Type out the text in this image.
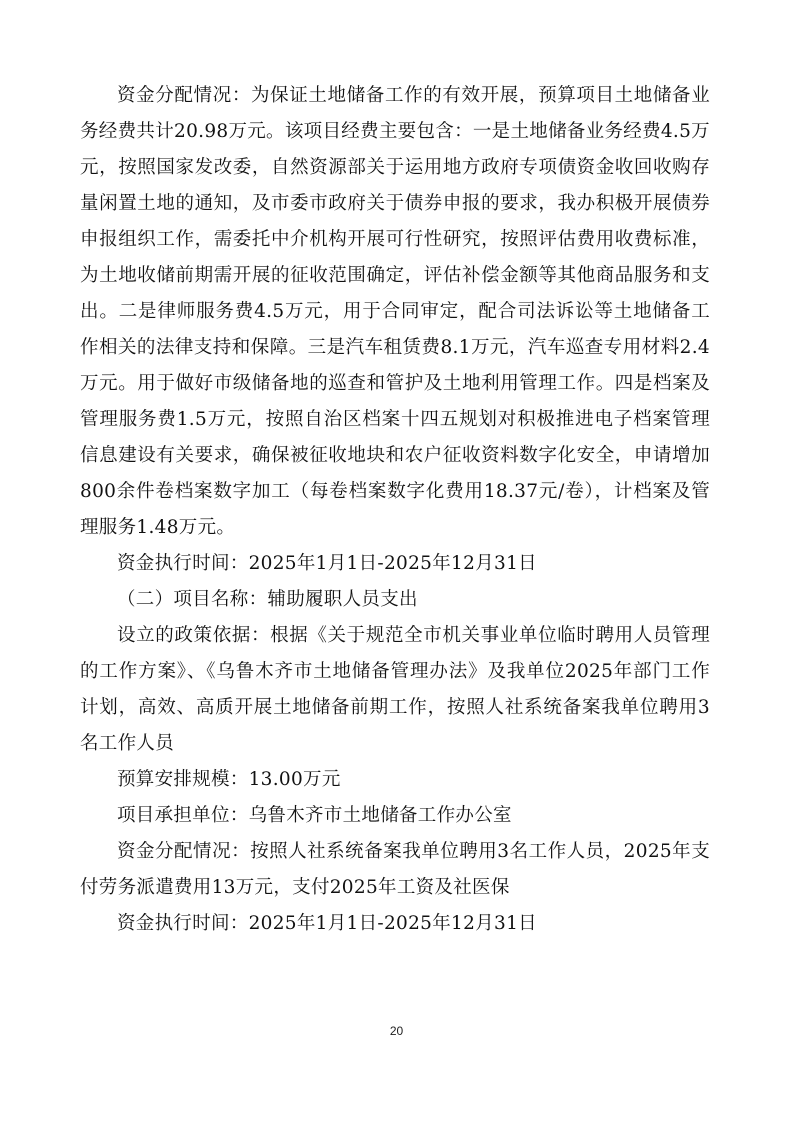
资金分配情况：为保证土地储备工作的有效开展，预算项目土地储备业务经费共计20.98万元。该项目经费主要包含：一是土地储备业务经费4.5万元，按照国家发改委，自然资源部关于运用地方政府专项债资金收回收购存量闲置土地的通知，及市委市政府关于债券申报的要求，我办积极开展债券申报组织工作，需委托中介机构开展可行性研究，按照评估费用收费标准，为土地收储前期需开展的征收范围确定，评估补偿金额等其他商品服务和支出。二是律师服务费4.5万元，用于合同审定，配合司法诉讼等土地储备工作相关的法律支持和保障。三是汽车租赁费8.1万元，汽车巡查专用材料2.4万元。用于做好市级储备地的巡查和管护及土地利用管理工作。四是档案及管理服务费1.5万元，按照自治区档案十四五规划对积极推进电子档案管理信息建设有关要求，确保被征收地块和农户征收资料数字化安全，申请增加800余件卷档案数字加工（每卷档案数字化费用18.37元/卷），计档案及管理服务1.48万元。

资金执行时间：2025年1月1日-2025年12月31日

（二）项目名称：辅助履职人员支出

设立的政策依据：根据《关于规范全市机关事业单位临时聘用人员管理的工作方案》、《乌鲁木齐市土地储备管理办法》及我单位2025年部门工作计划，高效、高质开展土地储备前期工作，按照人社系统备案我单位聘用3名工作人员

预算安排规模：13.00万元

项目承担单位：乌鲁木齐市土地储备工作办公室

资金分配情况：按照人社系统备案我单位聘用3名工作人员，2025年支付劳务派遣费用13万元，支付2025年工资及社医保

资金执行时间：2025年1月1日-2025年12月31日

20
